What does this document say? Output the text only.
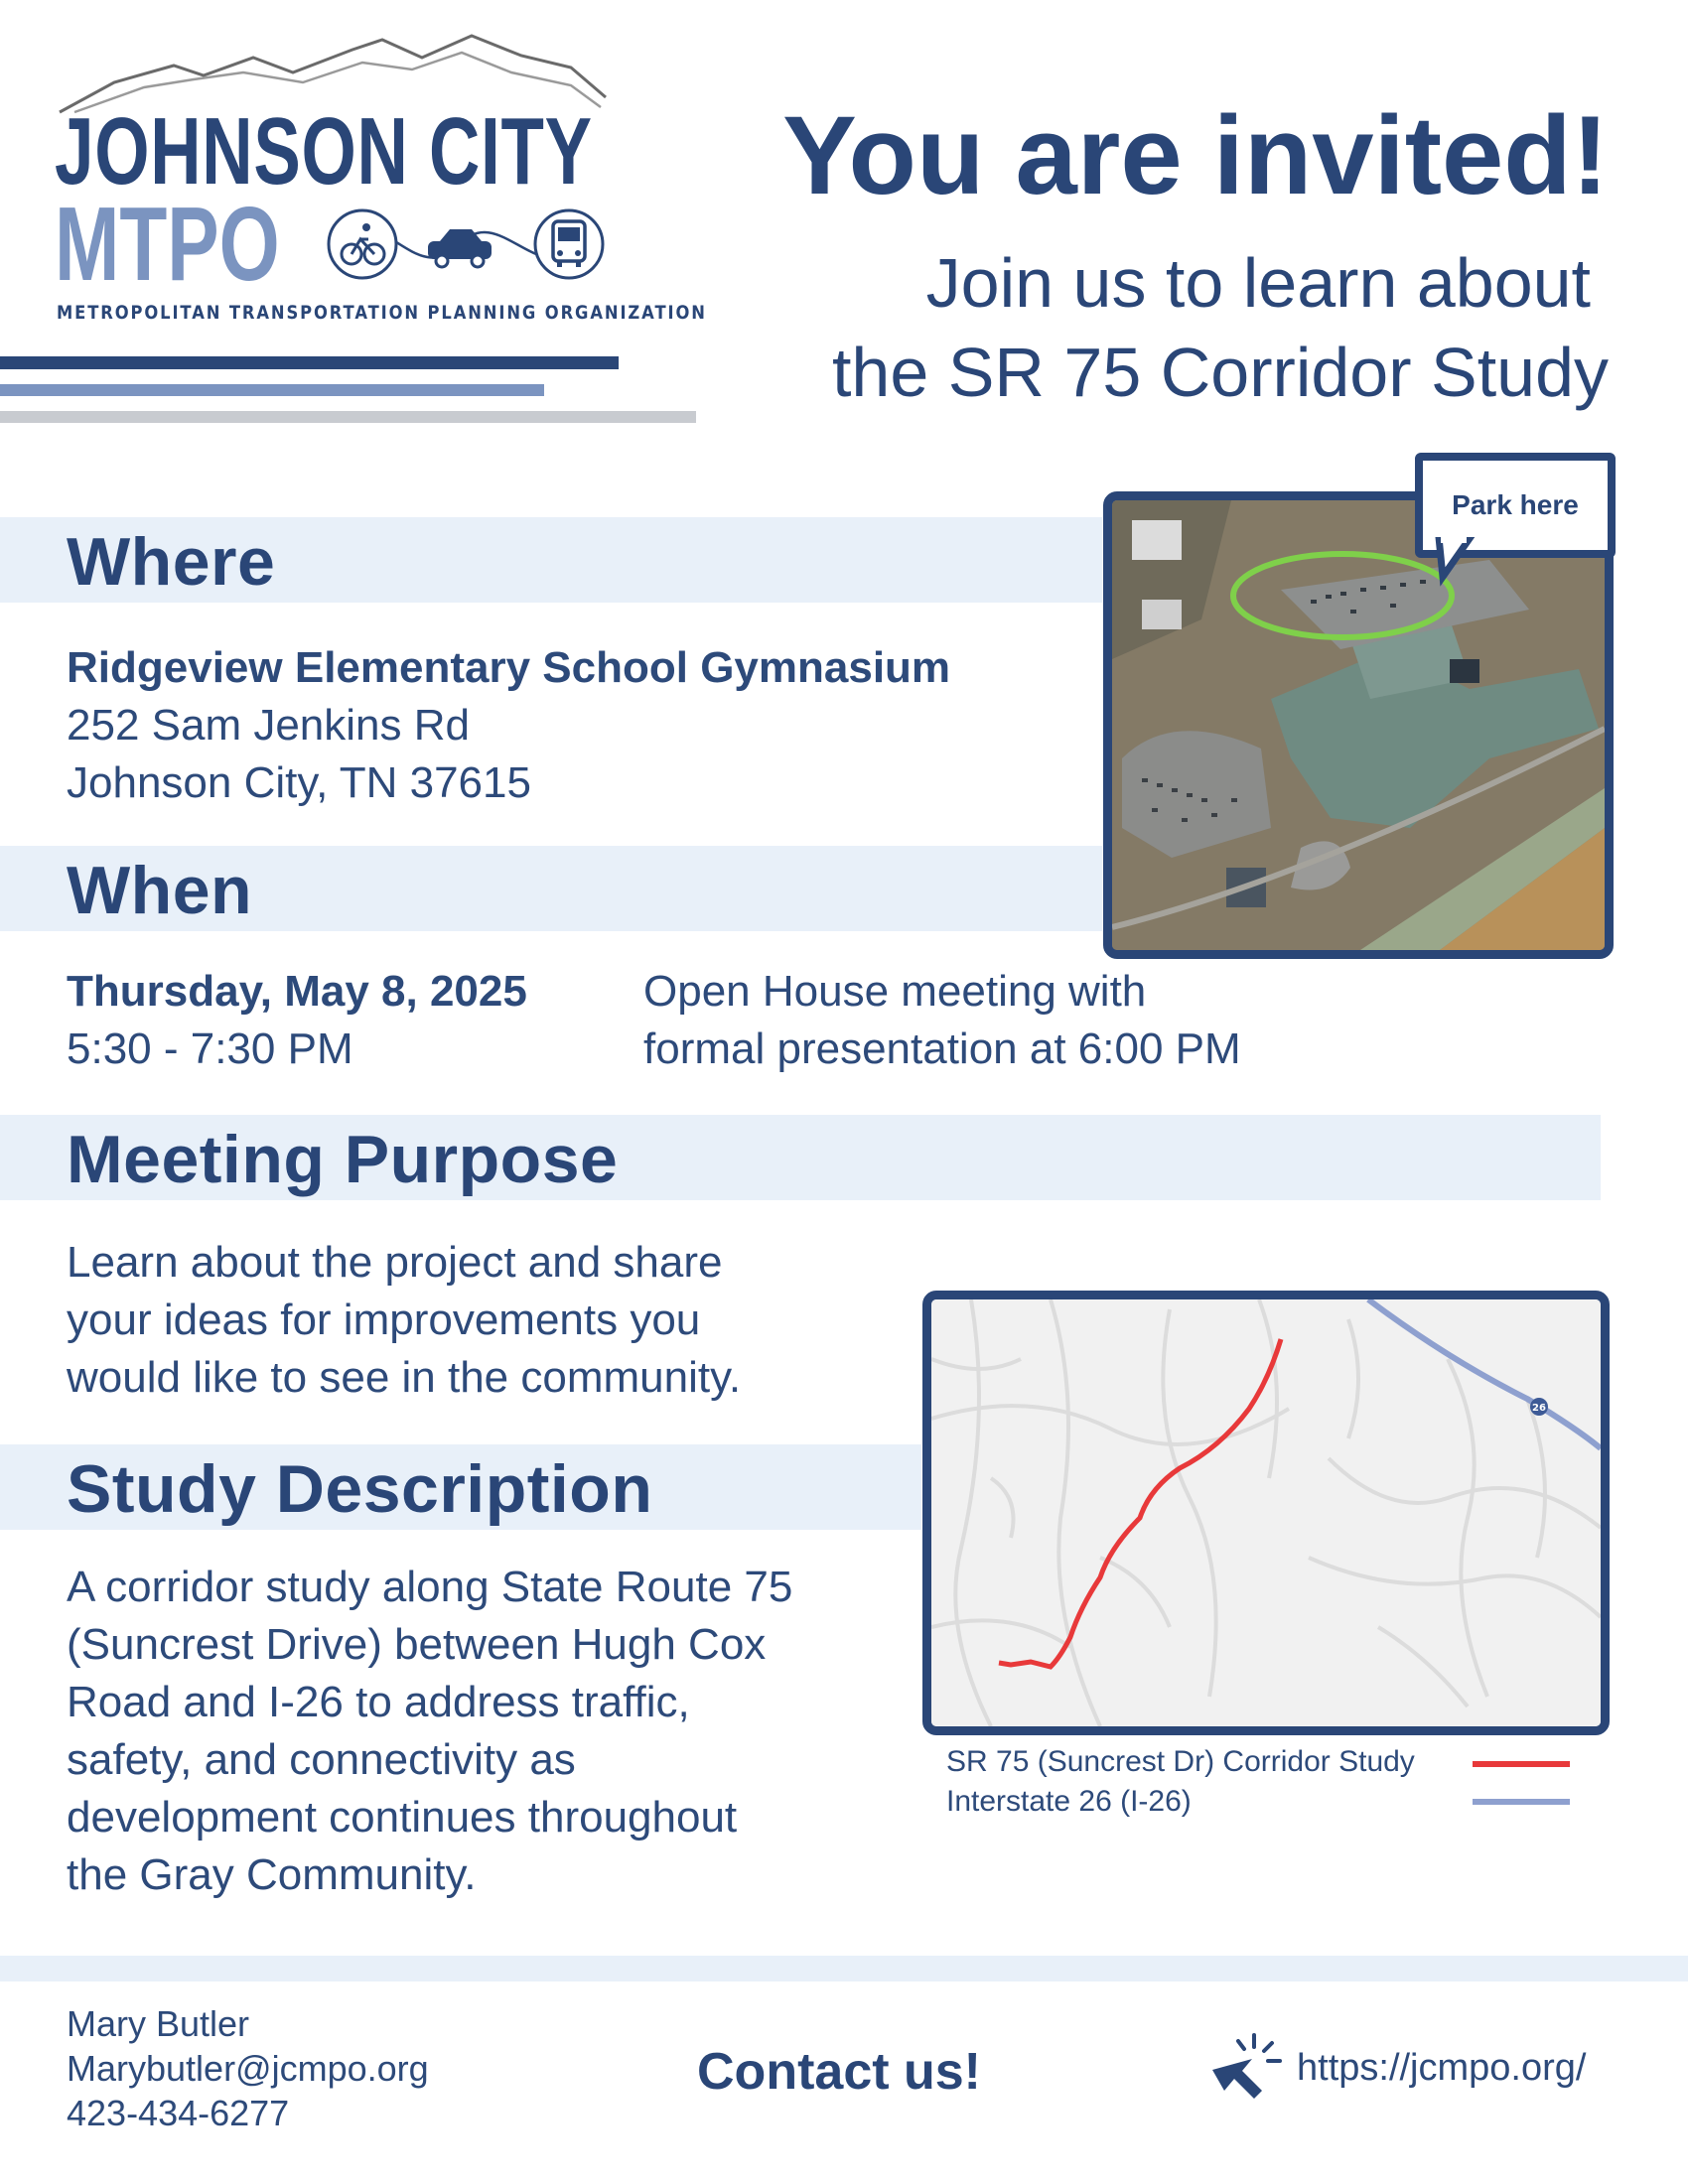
JOHNSON CITY
MTPO
METROPOLITAN TRANSPORTATION PLANNING ORGANIZATION
You are invited!
Join us to learn about
the SR 75 Corridor Study
Where
Ridgeview Elementary School Gymnasium
252 Sam Jenkins Rd
Johnson City, TN 37615
Park here
When
Thursday, May 8, 2025
5:30 - 7:30 PM
Open House meeting with
formal presentation at 6:00 PM
Meeting Purpose
Learn about the project and share
your ideas for improvements you
would like to see in the community.
Study Description
A corridor study along State Route 75
(Suncrest Drive) between Hugh Cox
Road and I-26 to address traffic,
safety, and connectivity as
development continues throughout
the Gray Community.
26
SR 75 (Suncrest Dr) Corridor Study
Interstate 26 (I-26)
Mary Butler
Marybutler@jcmpo.org
423-434-6277
Contact us!	https://jcmpo.org/
